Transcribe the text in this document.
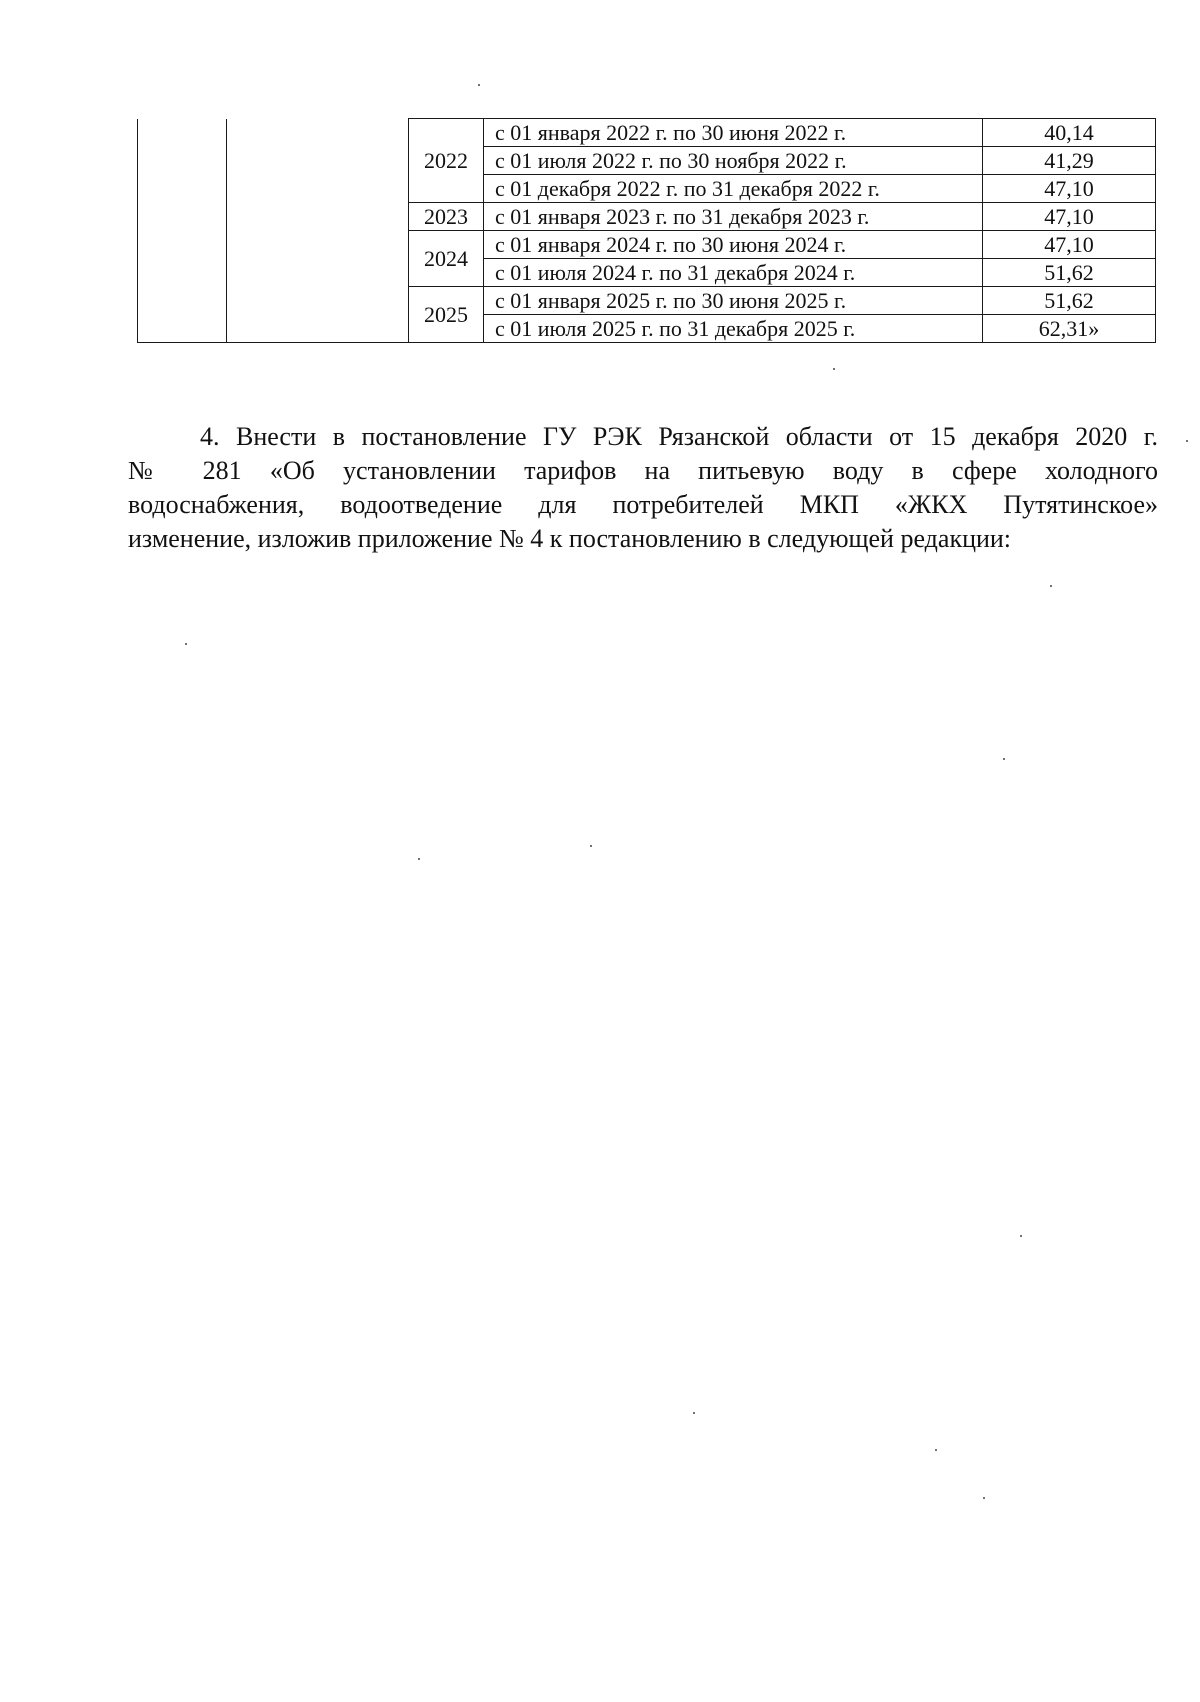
		2022	с 01 января 2022 г. по 30 июня 2022 г.	40,14
			с 01 июля 2022 г. по 30 ноября 2022 г.	41,29
			с 01 декабря 2022 г. по 31 декабря 2022 г.	47,10
		2023	с 01 января 2023 г. по 31 декабря 2023 г.	47,10
		2024	с 01 января 2024 г. по 30 июня 2024 г.	47,10
			с 01 июля 2024 г. по 31 декабря 2024 г.	51,62
		2025	с 01 января 2025 г. по 30 июня 2025 г.	51,62
			с 01 июля 2025 г. по 31 декабря 2025 г.	62,31»
4. Внести в постановление ГУ РЭК Рязанской области от 15 декабря 2020 г.
№ 281 «Об установлении тарифов на питьевую воду в сфере холодного
водоснабжения, водоотведение для потребителей МКП «ЖКХ Путятинское»
изменение, изложив приложение № 4 к постановлению в следующей редакции:
